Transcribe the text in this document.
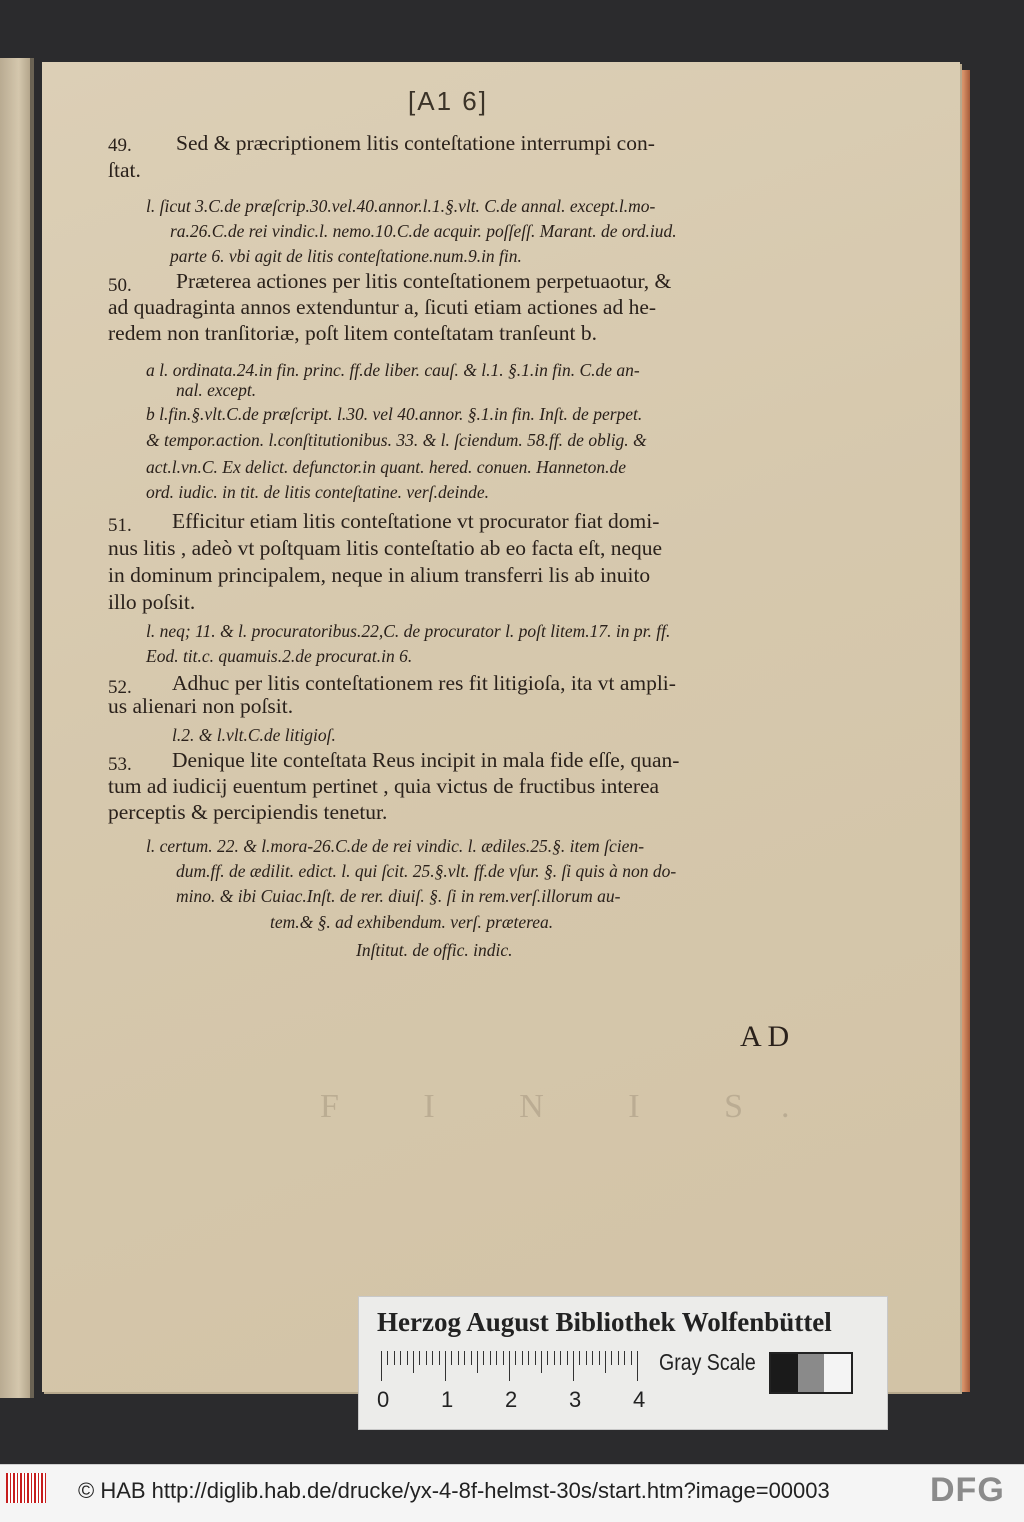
[A1 6]
49. Sed & præcriptionem litis conteſtatione interrumpi con-
ſtat.
l. ſicut 3.C.de præſcrip.30.vel.40.annor.l.1.§.vlt. C.de annal. except.l.mo-
ra.26.C.de rei vindic.l. nemo.10.C.de acquir. poſſeſſ. Marant. de ord.iud.
parte 6. vbi agit de litis conteſtatione.num.9.in fin.
50. Præterea actiones per litis conteſtationem perpetuaotur, &
ad quadraginta annos extenduntur a, ſicuti etiam actiones ad he-
redem non tranſitoriæ, poſt litem conteſtatam tranſeunt b.
a l. ordinata.24.in fin. princ. ff.de liber. cauſ. & l.1. §.1.in fin. C.de an-
nal. except.
b l.fin.§.vlt.C.de præſcript. l.30. vel 40.annor. §.1.in fin. Inſt. de perpet.
& tempor.action. l.conſtitutionibus. 33. & l. ſciendum. 58.ff. de oblig. &
act.l.vn.C. Ex delict. defunctor.in quant. hered. conuen. Hanneton.de
ord. iudic. in tit. de litis conteſtatine. verſ.deinde.
51. Efficitur etiam litis conteſtatione vt procurator fiat domi-
nus litis , adeò vt poſtquam litis conteſtatio ab eo facta eſt, neque
in dominum principalem, neque in alium transferri lis ab inuito
illo poſsit.
l. neq; 11. & l. procuratoribus.22,C. de procurator l. poſt litem.17. in pr. ff.
Eod. tit.c. quamuis.2.de procurat.in 6.
52. Adhuc per litis conteſtationem res fit litigioſa, ita vt ampli-
us alienari non poſsit.
l.2. & l.vlt.C.de litigioſ.
53. Denique lite conteſtata Reus incipit in mala fide eſſe, quan-
tum ad iudicij euentum pertinet , quia victus de fructibus interea
perceptis & percipiendis tenetur.
l. certum. 22. & l.mora-26.C.de de rei vindic. l. ædiles.25.§. item ſcien-
dum.ff. de ædilit. edict. l. qui ſcit. 25.§.vlt. ff.de vſur. §. ſi quis à non do-
mino. & ibi Cuiac.Inſt. de rer. diuiſ. §. ſi in rem.verſ.illorum au-
tem.& §. ad exhibendum. verſ. præterea.
Inſtitut. de offic. indic.
A D
F I N I S.
Herzog August Bibliothek Wolfenbüttel
0 1 2 3 4
Gray Scale
© HAB http://diglib.hab.de/drucke/yx-4-8f-helmst-30s/start.htm?image=00003	DFG
